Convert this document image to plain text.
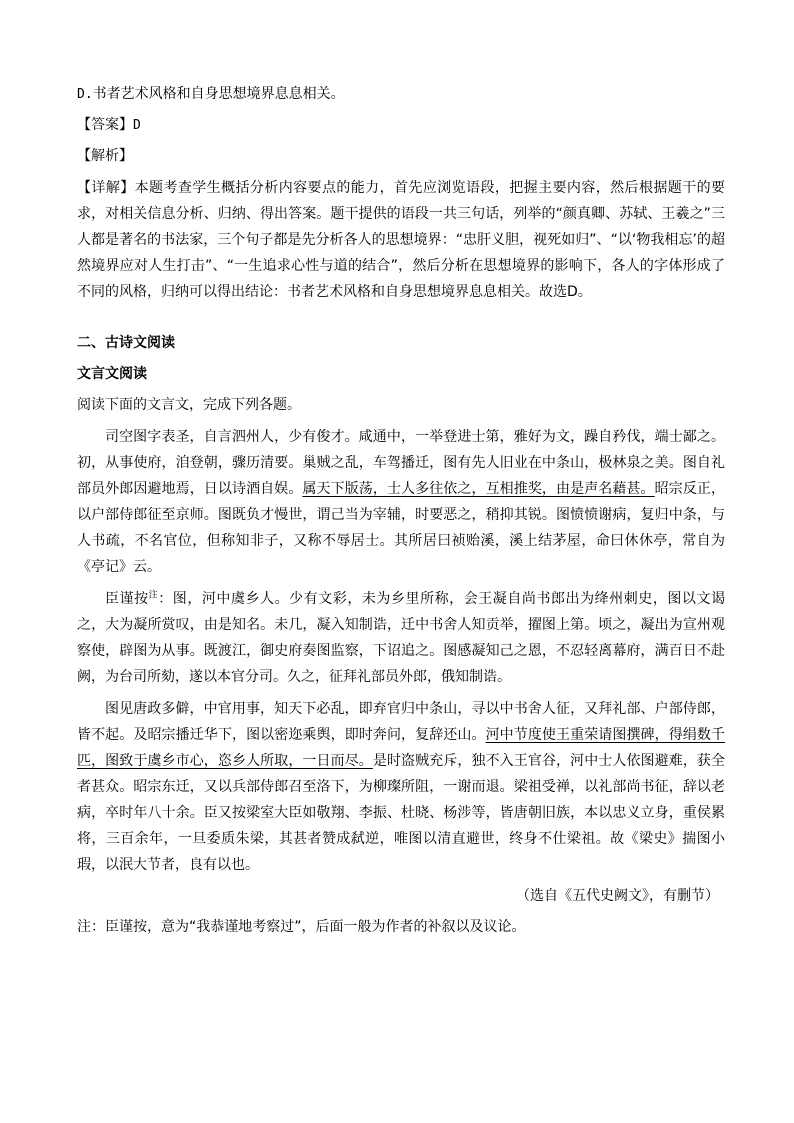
D.书者艺术风格和自身思想境界息息相关。

【答案】D

【解析】

【详解】本题考查学生概括分析内容要点的能力，首先应浏览语段，把握主要内容，然后根据题干的要求，对相关信息分析、归纳、得出答案。题干提供的语段一共三句话，列举的“颜真卿、苏轼、王羲之”三人都是著名的书法家，三个句子都是先分析各人的思想境界：“忠肝义胆，视死如归”、“以‘物我相忘’的超然境界应对人生打击”、“一生追求心性与道的结合”，然后分析在思想境界的影响下，各人的字体形成了不同的风格，归纳可以得出结论：书者艺术风格和自身思想境界息息相关。故选D。

二、古诗文阅读

文言文阅读

阅读下面的文言文，完成下列各题。

司空图字表圣，自言泗州人，少有俊才。咸通中，一举登进士第，雅好为文，躁自矜伐，端士鄙之。初，从事使府，洎登朝，骤历清要。巢贼之乱，车驾播迁，图有先人旧业在中条山，极林泉之美。图自礼部员外郎因避地焉，日以诗酒自娱。属天下版荡，士人多往依之，互相推奖，由是声名藉甚。昭宗反正，以户部侍郎征至京师。图既负才慢世，谓己当为宰辅，时要恶之，稍抑其锐。图愤愤谢病，复归中条，与人书疏，不名官位，但称知非子，又称不辱居士。其所居曰祯贻溪，溪上结茅屋，命曰休休亭，常自为《亭记》云。

臣谨按$^注$：图，河中虞乡人。少有文彩，未为乡里所称，会王凝自尚书郎出为绛州刺史，图以文谒之，大为凝所赏叹，由是知名。未几，凝入知制诰，迁中书舍人知贡举，擢图上第。顷之，凝出为宣州观察使，辟图为从事。既渡江，御史府奏图监察，下诏追之。图感凝知己之恩，不忍轻离幕府，满百日不赴阙，为台司所劾，遂以本官分司。久之，征拜礼部员外郎，俄知制诰。

图见唐政多僻，中官用事，知天下必乱，即弃官归中条山，寻以中书舍人征，又拜礼部、户部侍郎，皆不起。及昭宗播迁华下，图以密迩乘舆，即时奔问，复辞还山。河中节度使王重荣请图撰碑，得绢数千匹，图致于虞乡市心，恣乡人所取，一日而尽。是时盗贼充斥，独不入王官谷，河中士人依图避难，获全者甚众。昭宗东迁，又以兵部侍郎召至洛下，为柳璨所阻，一谢而退。梁祖受禅，以礼部尚书征，辞以老病，卒时年八十余。臣又按梁室大臣如敬翔、李振、杜晓、杨涉等，皆唐朝旧族，本以忠义立身，重侯累将，三百余年，一旦委质朱梁，其甚者赞成弑逆，唯图以清直避世，终身不仕梁祖。故《梁史》揣图小瑕，以泯大节者，良有以也。

（选自《五代史阙文》，有删节）

注：臣谨按，意为“我恭谨地考察过”，后面一般为作者的补叙以及议论。
